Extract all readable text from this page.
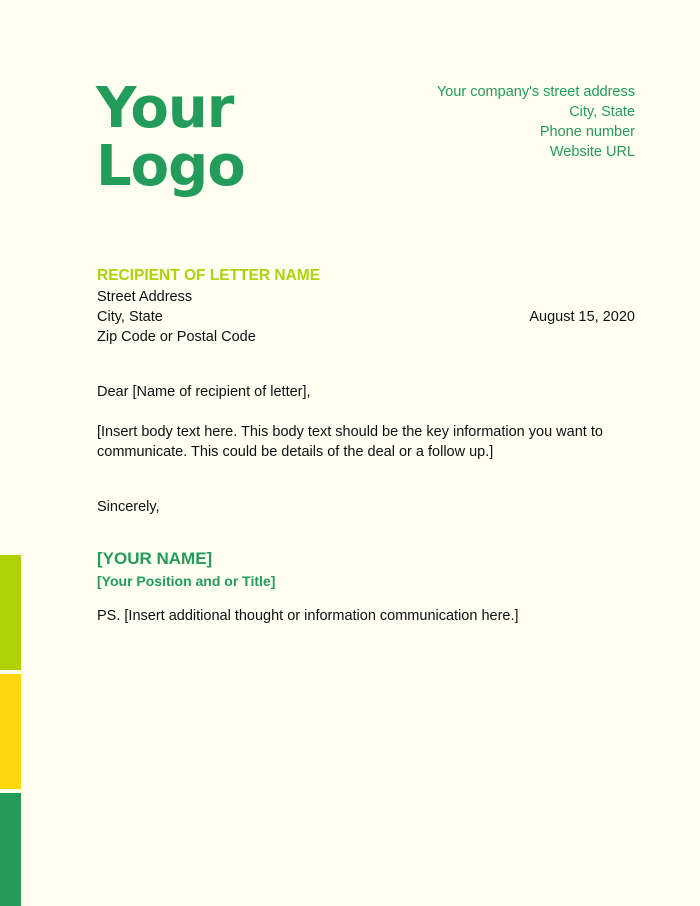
Your
Logo
Your company's street address
City, State
Phone number
Website URL
RECIPIENT OF LETTER NAME
Street Address
City, State
Zip Code or Postal Code
August 15, 2020
Dear [Name of recipient of letter],
[Insert body text here. This body text should be the key information you want to communicate. This could be details of the deal or a follow up.]
Sincerely,
[YOUR NAME]
[Your Position and or Title]
PS. [Insert additional thought or information communication here.]
